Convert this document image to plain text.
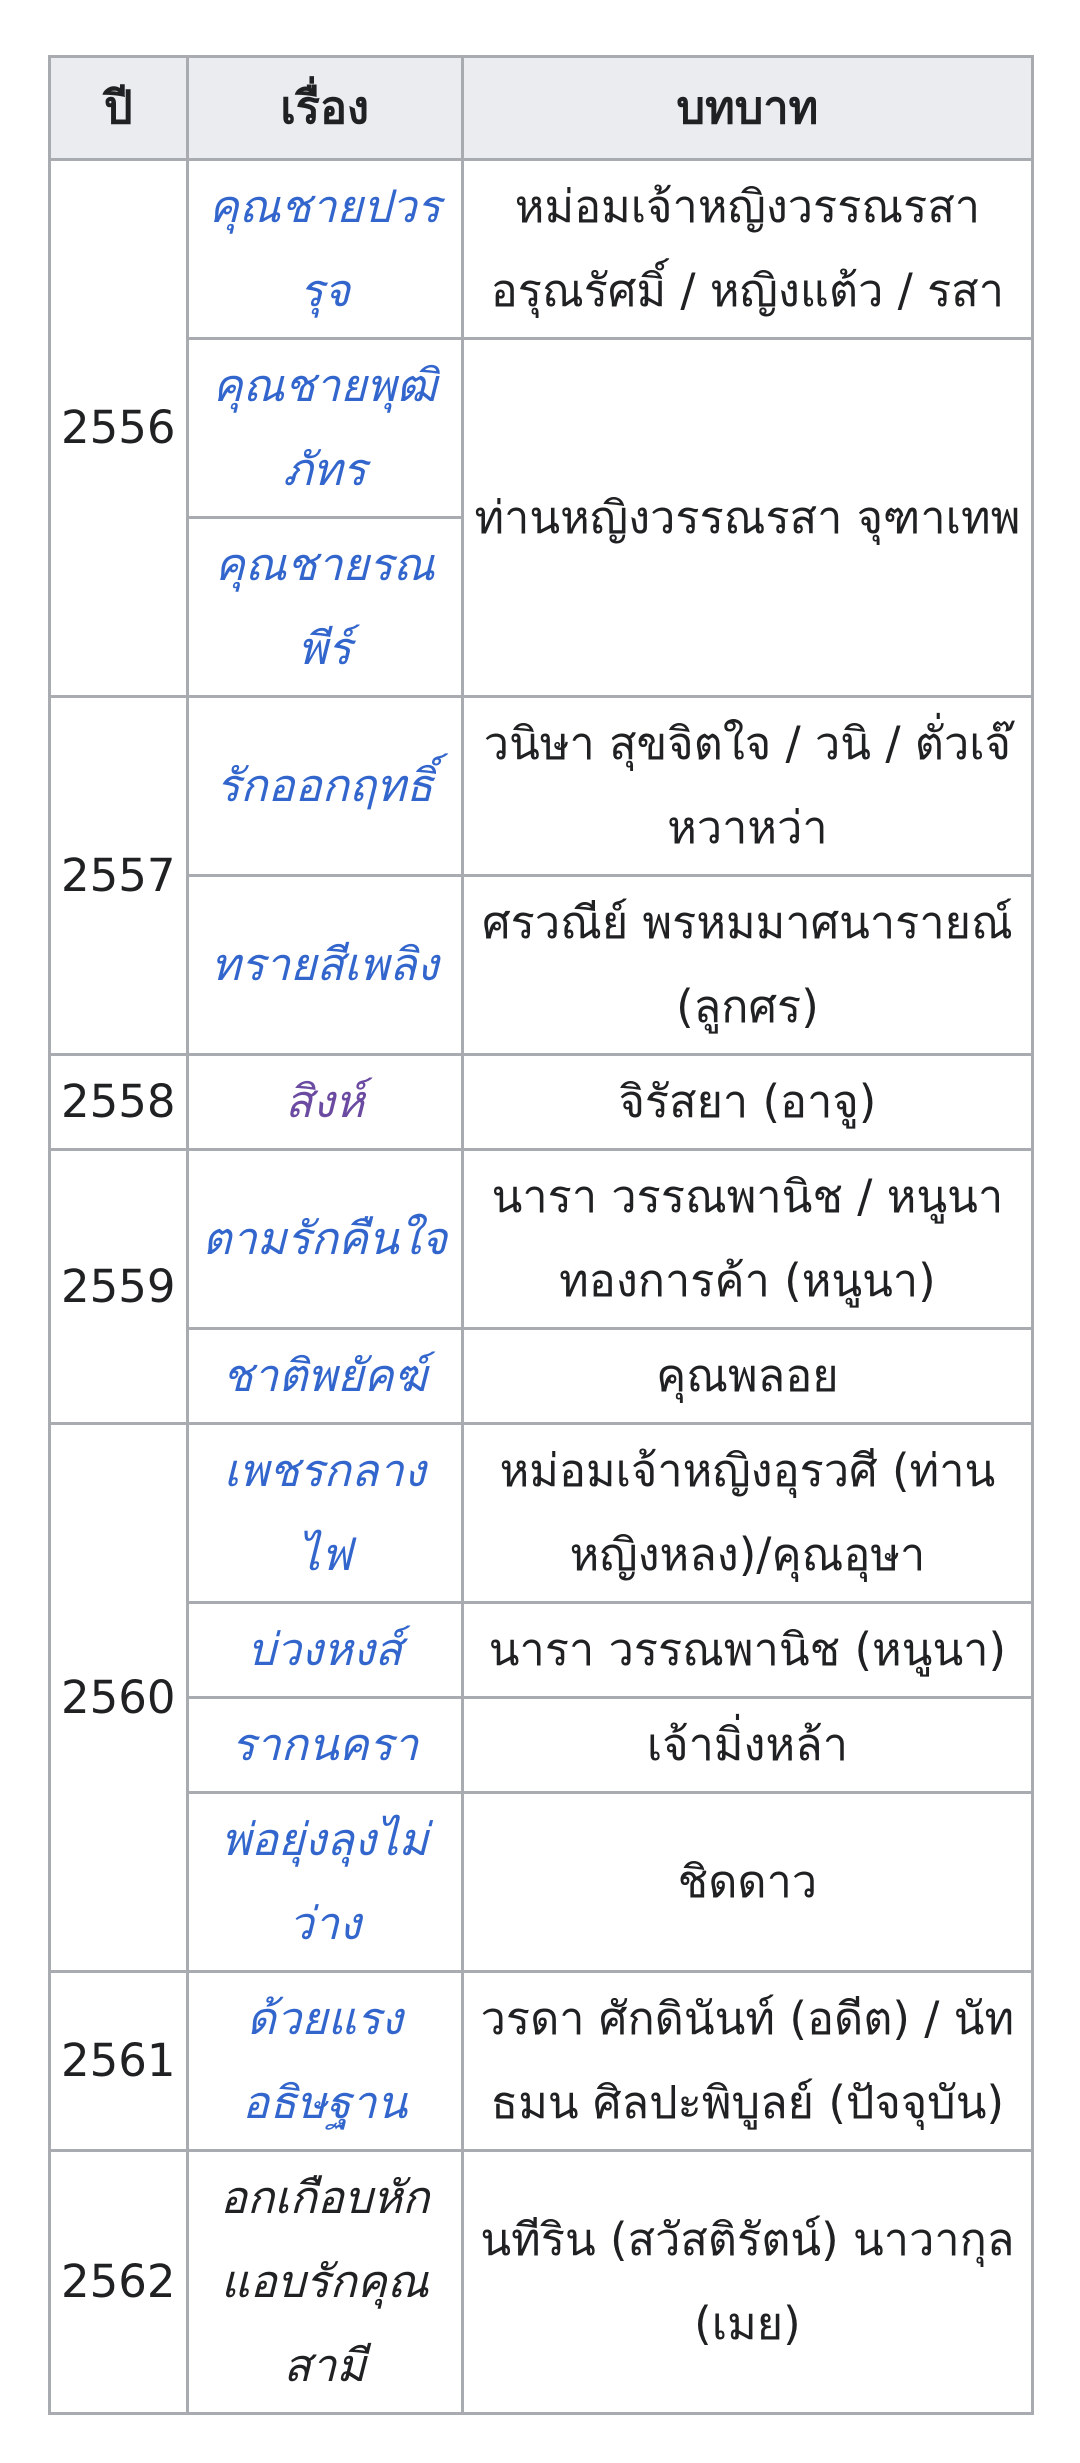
ปี	เรื่อง	บทบาท
2556	คุณชายปวรรุจ	หม่อมเจ้าหญิงวรรณรสา อรุณรัศมิ์ / หญิงแต้ว / รสา
	คุณชายพุฒิภัทร	ท่านหญิงวรรณรสา จุฑาเทพ
	คุณชายรณพีร์	
2557	รักออกฤทธิ์	วนิษา สุขจิตใจ / วนิ / ตั่วเจ๊หวาหว่า
	ทรายสีเพลิง	ศรวณีย์ พรหมมาศนารายณ์ (ลูกศร)
2558	สิงห์	จิรัสยา (อาจู)
2559	ตามรักคืนใจ	นารา วรรณพานิช / หนูนา ทองการค้า (หนูนา)
	ชาติพยัคฆ์	คุณพลอย
2560	เพชรกลางไฟ	หม่อมเจ้าหญิงอุรวศี (ท่านหญิงหลง)/คุณอุษา
	บ่วงหงส์	นารา วรรณพานิช (หนูนา)
	รากนครา	เจ้ามิ่งหล้า
	พ่อยุ่งลุงไม่ว่าง	ชิดดาว
2561	ด้วยแรงอธิษฐาน	วรดา ศักดินันท์ (อดีต) / นัทธมน ศิลปะพิบูลย์ (ปัจจุบัน)
2562	อกเกือบหักแอบรักคุณสามี	นทีริน (สวัสติรัตน์) นาวากุล (เมย)
